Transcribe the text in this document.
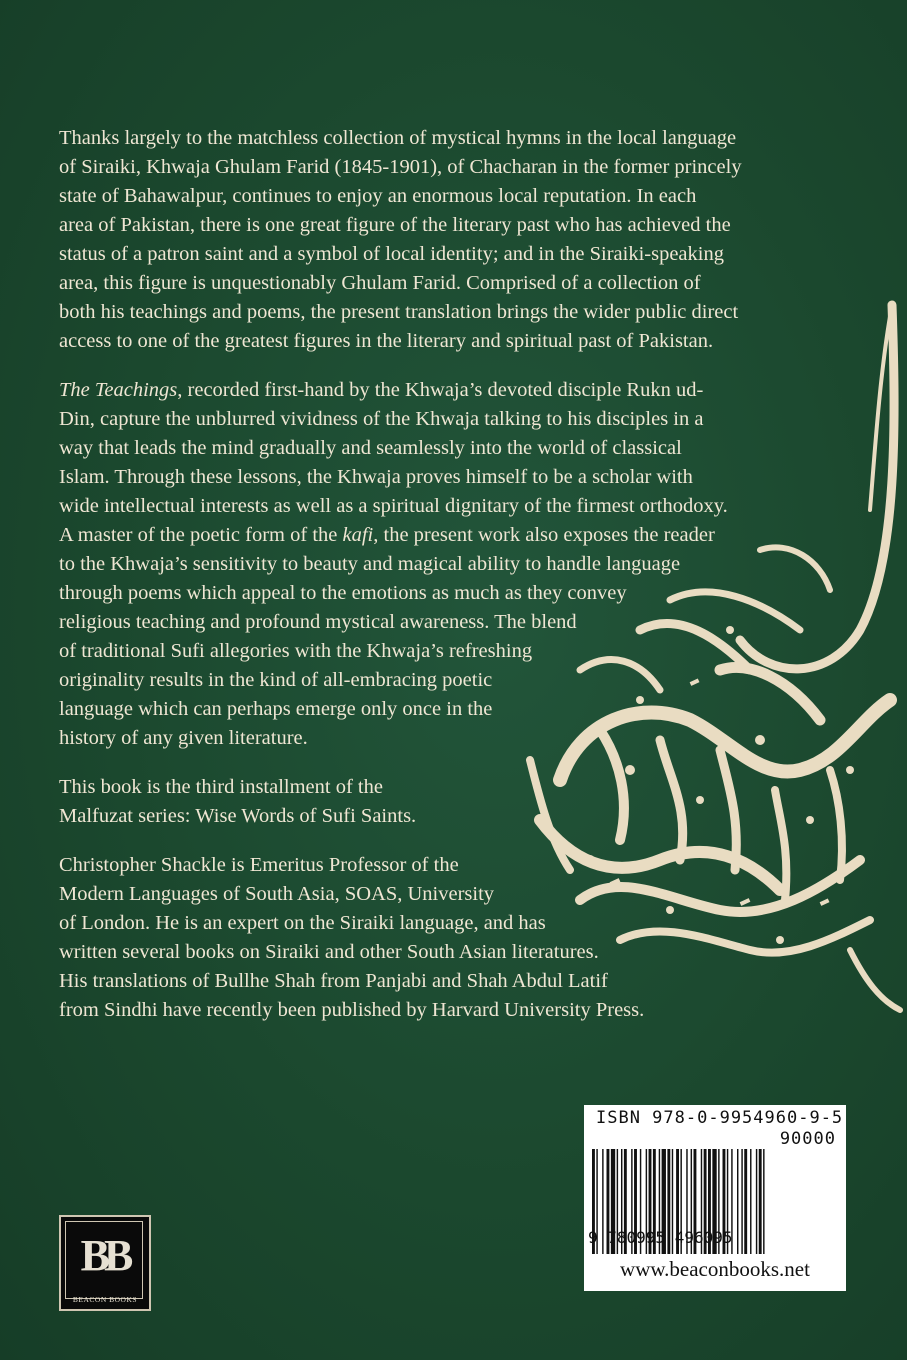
Thanks largely to the matchless collection of mystical hymns in the local language
of Siraiki, Khwaja Ghulam Farid (1845-1901), of Chacharan in the former princely
state of Bahawalpur, continues to enjoy an enormous local reputation. In each
area of Pakistan, there is one great figure of the literary past who has achieved the
status of a patron saint and a symbol of local identity; and in the Siraiki-speaking
area, this figure is unquestionably Ghulam Farid. Comprised of a collection of
both his teachings and poems, the present translation brings the wider public direct
access to one of the greatest figures in the literary and spiritual past of Pakistan.

The Teachings, recorded first-hand by the Khwaja’s devoted disciple Rukn ud-
Din, capture the unblurred vividness of the Khwaja talking to his disciples in a
way that leads the mind gradually and seamlessly into the world of classical
Islam. Through these lessons, the Khwaja proves himself to be a scholar with
wide intellectual interests as well as a spiritual dignitary of the firmest orthodoxy.
A master of the poetic form of the kafi, the present work also exposes the reader
to the Khwaja’s sensitivity to beauty and magical ability to handle language
through poems which appeal to the emotions as much as they convey
religious teaching and profound mystical awareness. The blend
of traditional Sufi allegories with the Khwaja’s refreshing
originality results in the kind of all-embracing poetic
language which can perhaps emerge only once in the
history of any given literature.

This book is the third installment of the
Malfuzat series: Wise Words of Sufi Saints.

Christopher Shackle is Emeritus Professor of the
Modern Languages of South Asia, SOAS, University
of London. He is an expert on the Siraiki language, and has
written several books on Siraiki and other South Asian literatures.
His translations of Bullhe Shah from Panjabi and Shah Abdul Latif
from Sindhi have recently been published by Harvard University Press.

BB
BEACON BOOKS
ISBN 978-0-9954960-9-5
90000
9 780995 496095
www.beaconbooks.net
